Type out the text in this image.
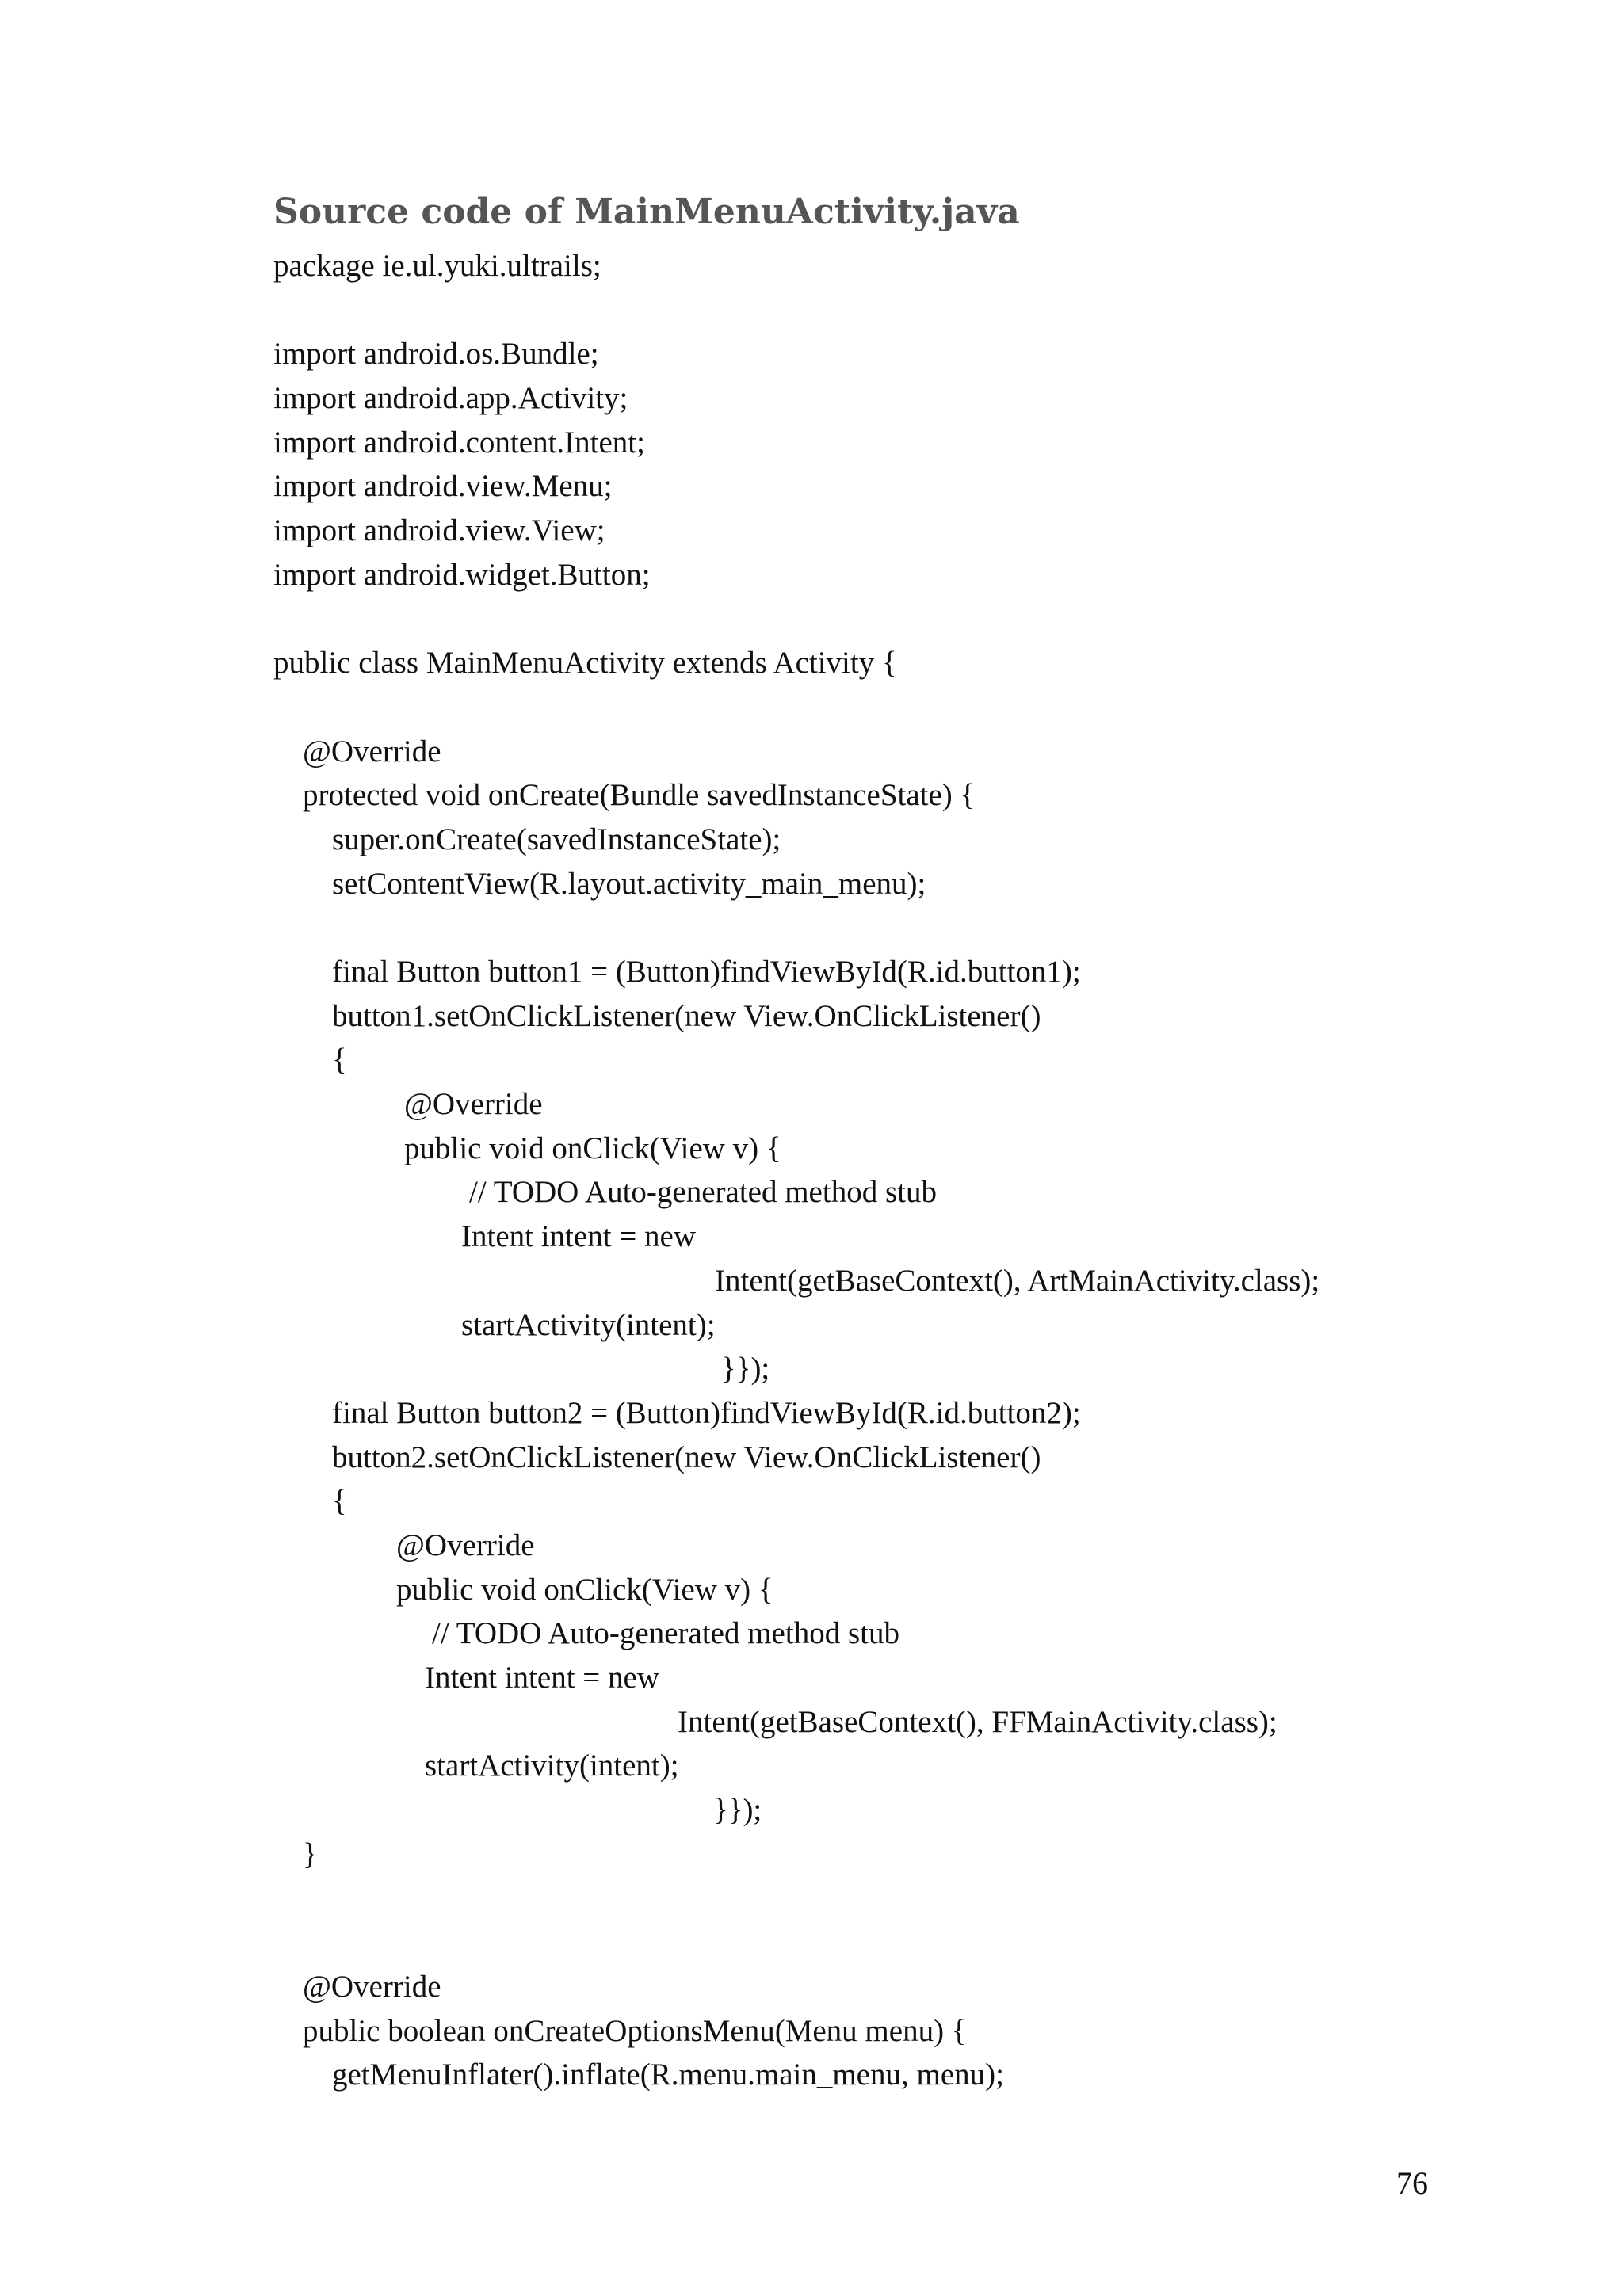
Source code of MainMenuActivity.java
package ie.ul.yuki.ultrails;
import android.os.Bundle;
import android.app.Activity;
import android.content.Intent;
import android.view.Menu;
import android.view.View;
import android.widget.Button;
public class MainMenuActivity extends Activity {
@Override
protected void onCreate(Bundle savedInstanceState) {
super.onCreate(savedInstanceState);
setContentView(R.layout.activity_main_menu);
final Button button1 = (Button)findViewById(R.id.button1);
button1.setOnClickListener(new View.OnClickListener()
{
@Override
public void onClick(View v) {
// TODO Auto-generated method stub
Intent intent = new
Intent(getBaseContext(), ArtMainActivity.class);
startActivity(intent);
}});
final Button button2 = (Button)findViewById(R.id.button2);
button2.setOnClickListener(new View.OnClickListener()
{
@Override
public void onClick(View v) {
// TODO Auto-generated method stub
Intent intent = new
Intent(getBaseContext(), FFMainActivity.class);
startActivity(intent);
}});
}
@Override
public boolean onCreateOptionsMenu(Menu menu) {
getMenuInflater().inflate(R.menu.main_menu, menu);
76
